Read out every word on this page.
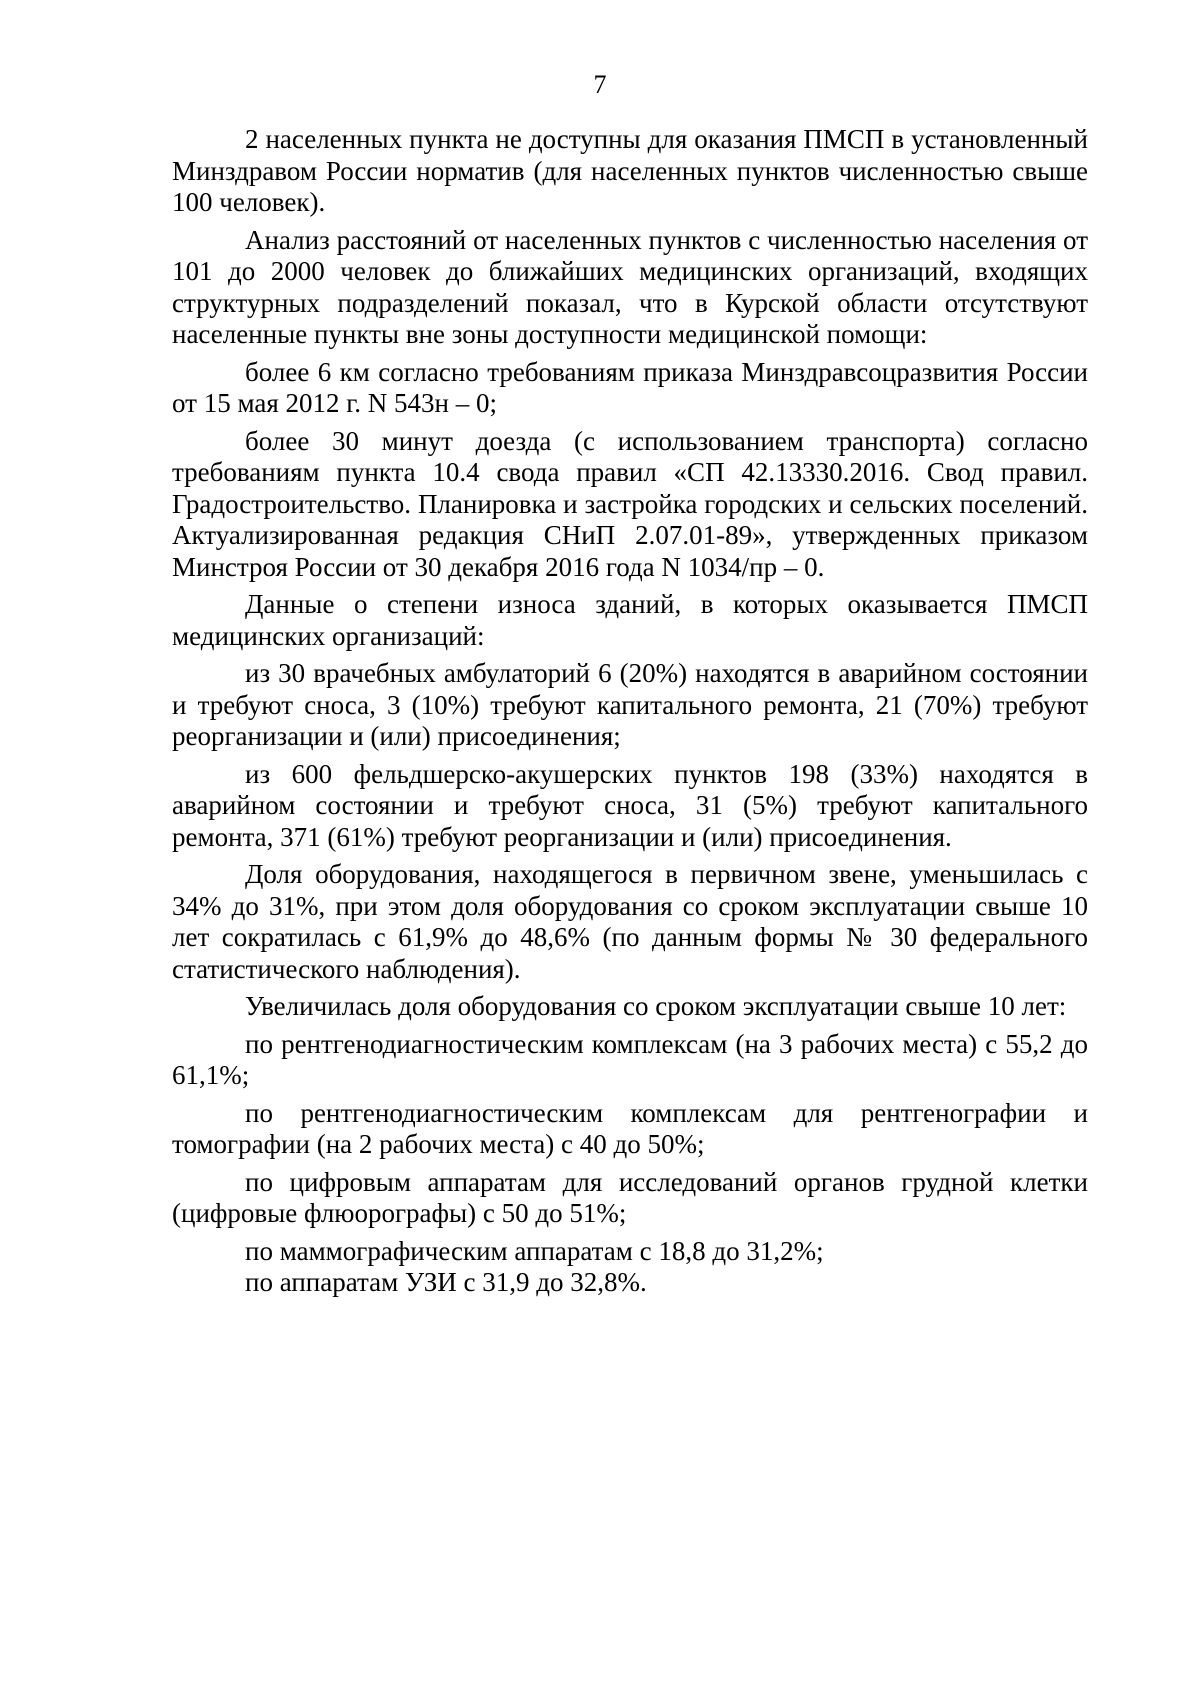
7

2 населенных пункта не доступны для оказания ПМСП в установленный Минздравом России норматив (для населенных пунктов численностью свыше 100 человек).

Анализ расстояний от населенных пунктов с численностью населения от 101 до 2000 человек до ближайших медицинских организаций, входящих структурных подразделений показал, что в Курской области отсутствуют населенные пункты вне зоны доступности медицинской помощи:

более 6 км согласно требованиям приказа Минздравсоцразвития России от 15 мая 2012 г. N 543н – 0;

более 30 минут доезда (с использованием транспорта) согласно требованиям пункта 10.4 свода правил «СП 42.13330.2016. Свод правил. Градостроительство. Планировка и застройка городских и сельских поселений. Актуализированная редакция СНиП 2.07.01-89», утвержденных приказом Минстроя России от 30 декабря 2016 года N 1034/пр – 0.

Данные о степени износа зданий, в которых оказывается ПМСП медицинских организаций:

из 30 врачебных амбулаторий 6 (20%) находятся в аварийном состоянии и требуют сноса, 3 (10%) требуют капитального ремонта, 21 (70%) требуют реорганизации и (или) присоединения;

из 600 фельдшерско-акушерских пунктов 198 (33%) находятся в аварийном состоянии и требуют сноса, 31 (5%) требуют капитального ремонта, 371 (61%) требуют реорганизации и (или) присоединения.

Доля оборудования, находящегося в первичном звене, уменьшилась с 34% до 31%, при этом доля оборудования со сроком эксплуатации свыше 10 лет сократилась с 61,9% до 48,6% (по данным формы № 30 федерального статистического наблюдения).

Увеличилась доля оборудования со сроком эксплуатации свыше 10 лет:

по рентгенодиагностическим комплексам (на 3 рабочих места) с 55,2 до 61,1%;

по рентгенодиагностическим комплексам для рентгенографии и томографии (на 2 рабочих места) с 40 до 50%;

по цифровым аппаратам для исследований органов грудной клетки (цифровые флюорографы) с 50 до 51%;

по маммографическим аппаратам с 18,8 до 31,2%;

по аппаратам УЗИ с 31,9 до 32,8%.
